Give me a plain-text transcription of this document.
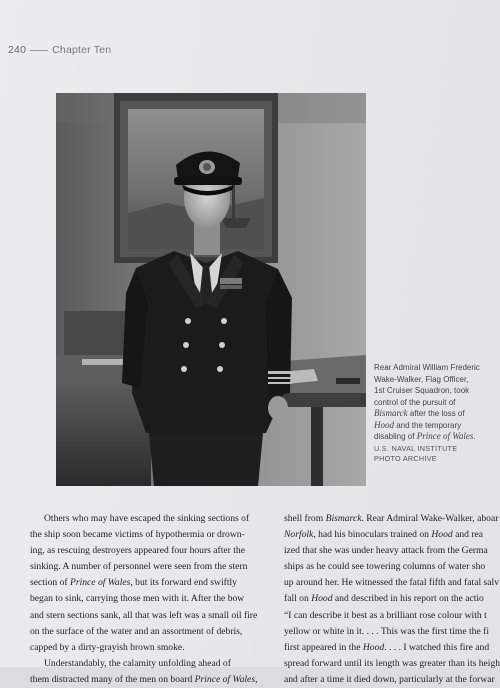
240 Chapter Ten
Rear Admiral William Frederic
Wake-Walker, Flag Officer,
1st Cruiser Squadron, took
control of the pursuit of
Bismarck after the loss of
Hood and the temporary
disabling of Prince of Wales.
U.S. NAVAL INSTITUTE
PHOTO ARCHIVE
Others who may have escaped the sinking sections of
the ship soon became victims of hypothermia or drown-
ing, as rescuing destroyers appeared four hours after the
sinking. A number of personnel were seen from the stern
section of Prince of Wales, but its forward end swiftly
began to sink, carrying those men with it. After the bow
and stern sections sank, all that was left was a small oil fire
on the surface of the water and an assortment of debris,
capped by a dirty-grayish brown smoke.
Understandably, the calamity unfolding ahead of
them distracted many of the men on board Prince of Wales,
shell from Bismarck. Rear Admiral Wake-Walker, aboar
Norfolk, had his binoculars trained on Hood and rea
ized that she was under heavy attack from the Germa
ships as he could see towering columns of water sho
up around her. He witnessed the fatal fifth and fatal salv
fall on Hood and described in his report on the actio
“I can describe it best as a brilliant rose colour with t
yellow or white in it. . . . This was the first time the fi
first appeared in the Hood. . . . I watched this fire and
spread forward until its length was greater than its heigh
and after a time it died down, particularly at the forwar
